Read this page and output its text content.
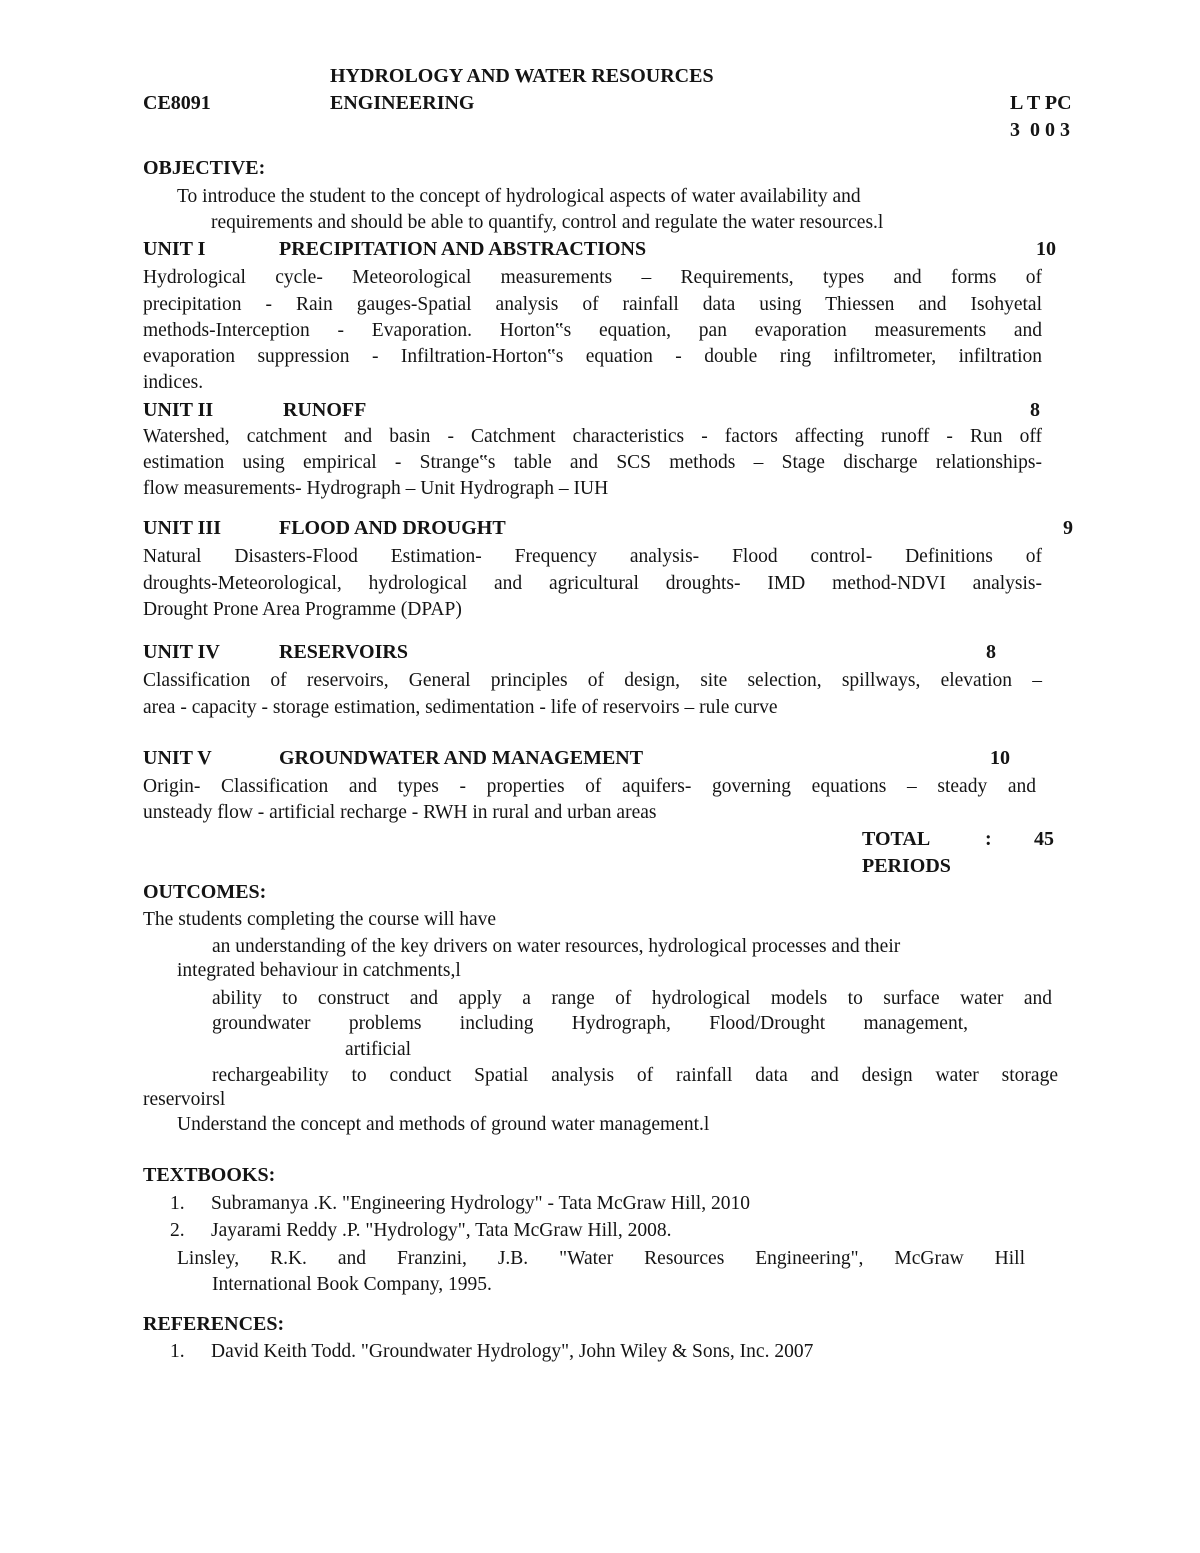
HYDROLOGY AND WATER RESOURCES
CE8091	ENGINEERING	L T PC
3  0 0 3
OBJECTIVE:
To introduce the student to the concept of hydrological aspects of water availability and
requirements and should be able to quantify, control and regulate the water resources.l
UNIT I	PRECIPITATION AND ABSTRACTIONS	10
Hydrological cycle- Meteorological measurements – Requirements, types and forms of
precipitation - Rain gauges-Spatial analysis of rainfall data using Thiessen and Isohyetal
methods-Interception - Evaporation. Horton‟s equation, pan evaporation measurements and
evaporation suppression - Infiltration-Horton‟s equation - double ring infiltrometer, infiltration
indices.
UNIT II	RUNOFF	8
Watershed, catchment and basin - Catchment characteristics - factors affecting runoff - Run off
estimation using empirical - Strange‟s table and SCS methods – Stage discharge relationships-
flow measurements- Hydrograph – Unit Hydrograph – IUH
UNIT III	FLOOD AND DROUGHT	9
Natural Disasters-Flood Estimation- Frequency analysis- Flood control- Definitions of
droughts-Meteorological, hydrological and agricultural droughts- IMD method-NDVI analysis-
Drought Prone Area Programme (DPAP)
UNIT IV	RESERVOIRS	8
Classification of reservoirs, General principles of design, site selection, spillways, elevation –
area - capacity - storage estimation, sedimentation - life of reservoirs – rule curve
UNIT V	GROUNDWATER AND MANAGEMENT	10
Origin- Classification and types - properties of aquifers- governing equations – steady and
unsteady flow - artificial recharge - RWH in rural and urban areas
TOTAL	: 45
PERIODS
OUTCOMES:
The students completing the course will have
an understanding of the key drivers on water resources, hydrological processes and their
integrated behaviour in catchments,l
ability to construct and apply a range of hydrological models to surface water and
groundwater problems including Hydrograph, Flood/Drought management,
artificial
rechargeability to conduct Spatial analysis of rainfall data and design water storage
reservoirsl
Understand the concept and methods of ground water management.l
TEXTBOOKS:
1. Subramanya .K. "Engineering Hydrology" - Tata McGraw Hill, 2010
2. Jayarami Reddy .P. "Hydrology", Tata McGraw Hill, 2008.
Linsley, R.K. and Franzini, J.B. "Water Resources Engineering", McGraw Hill
International Book Company, 1995.
REFERENCES:
1. David Keith Todd. "Groundwater Hydrology", John Wiley & Sons, Inc. 2007
